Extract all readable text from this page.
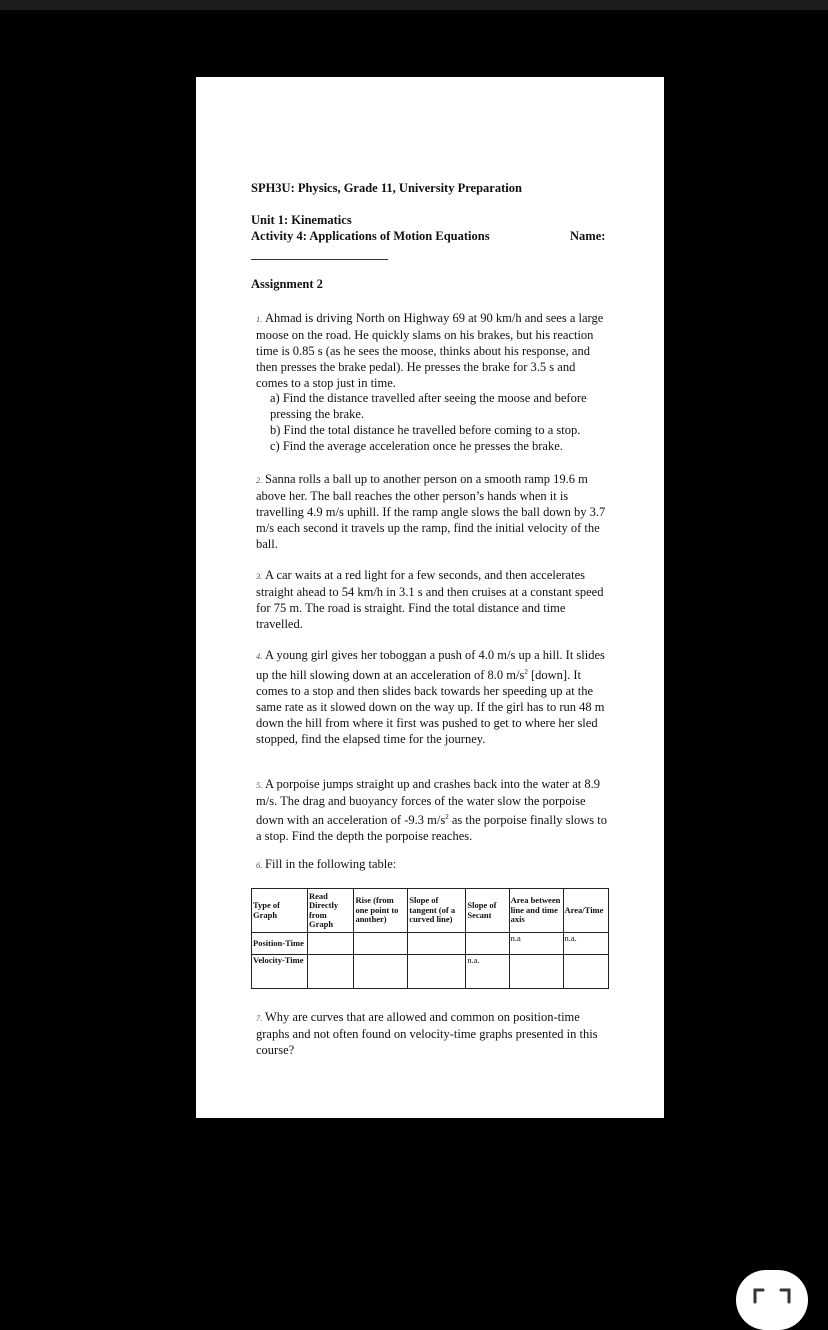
SPH3U: Physics, Grade 11, University Preparation
Unit 1: Kinematics
Activity 4: Applications of Motion Equations	Name:
Assignment 2
1. Ahmad is driving North on Highway 69 at 90 km/h and sees a large moose on the road. He quickly slams on his brakes, but his reaction time is 0.85 s (as he sees the moose, thinks about his response, and then presses the brake pedal). He presses the brake for 3.5 s and comes to a stop just in time.
a) Find the distance travelled after seeing the moose and before pressing the brake.
b) Find the total distance he travelled before coming to a stop.
c) Find the average acceleration once he presses the brake.
2. Sanna rolls a ball up to another person on a smooth ramp 19.6 m above her. The ball reaches the other person’s hands when it is travelling 4.9 m/s uphill. If the ramp angle slows the ball down by 3.7 m/s each second it travels up the ramp, find the initial velocity of the ball.
3. A car waits at a red light for a few seconds, and then accelerates straight ahead to 54 km/h in 3.1 s and then cruises at a constant speed for 75 m. The road is straight. Find the total distance and time travelled.
4. A young girl gives her toboggan a push of 4.0 m/s up a hill. It slides up the hill slowing down at an acceleration of 8.0 $m/s^2$ [down]. It comes to a stop and then slides back towards her speeding up at the same rate as it slowed down on the way up. If the girl has to run 48 m down the hill from where it first was pushed to get to where her sled stopped, find the elapsed time for the journey.
5. A porpoise jumps straight up and crashes back into the water at 8.9 m/s. The drag and buoyancy forces of the water slow the porpoise down with an acceleration of -9.3 $m/s^2$ as the porpoise finally slows to a stop. Find the depth the porpoise reaches.
6. Fill in the following table:
Type of Graph	Read Directly from Graph	Rise (from one point to another)	Slope of tangent (of a curved line)	Slope of Secant	Area between line and time axis	Area/Time
Position-Time					n.a	n.a.
Velocity-Time				n.a.		
7. Why are curves that are allowed and common on position-time graphs and not often found on velocity-time graphs presented in this course?
